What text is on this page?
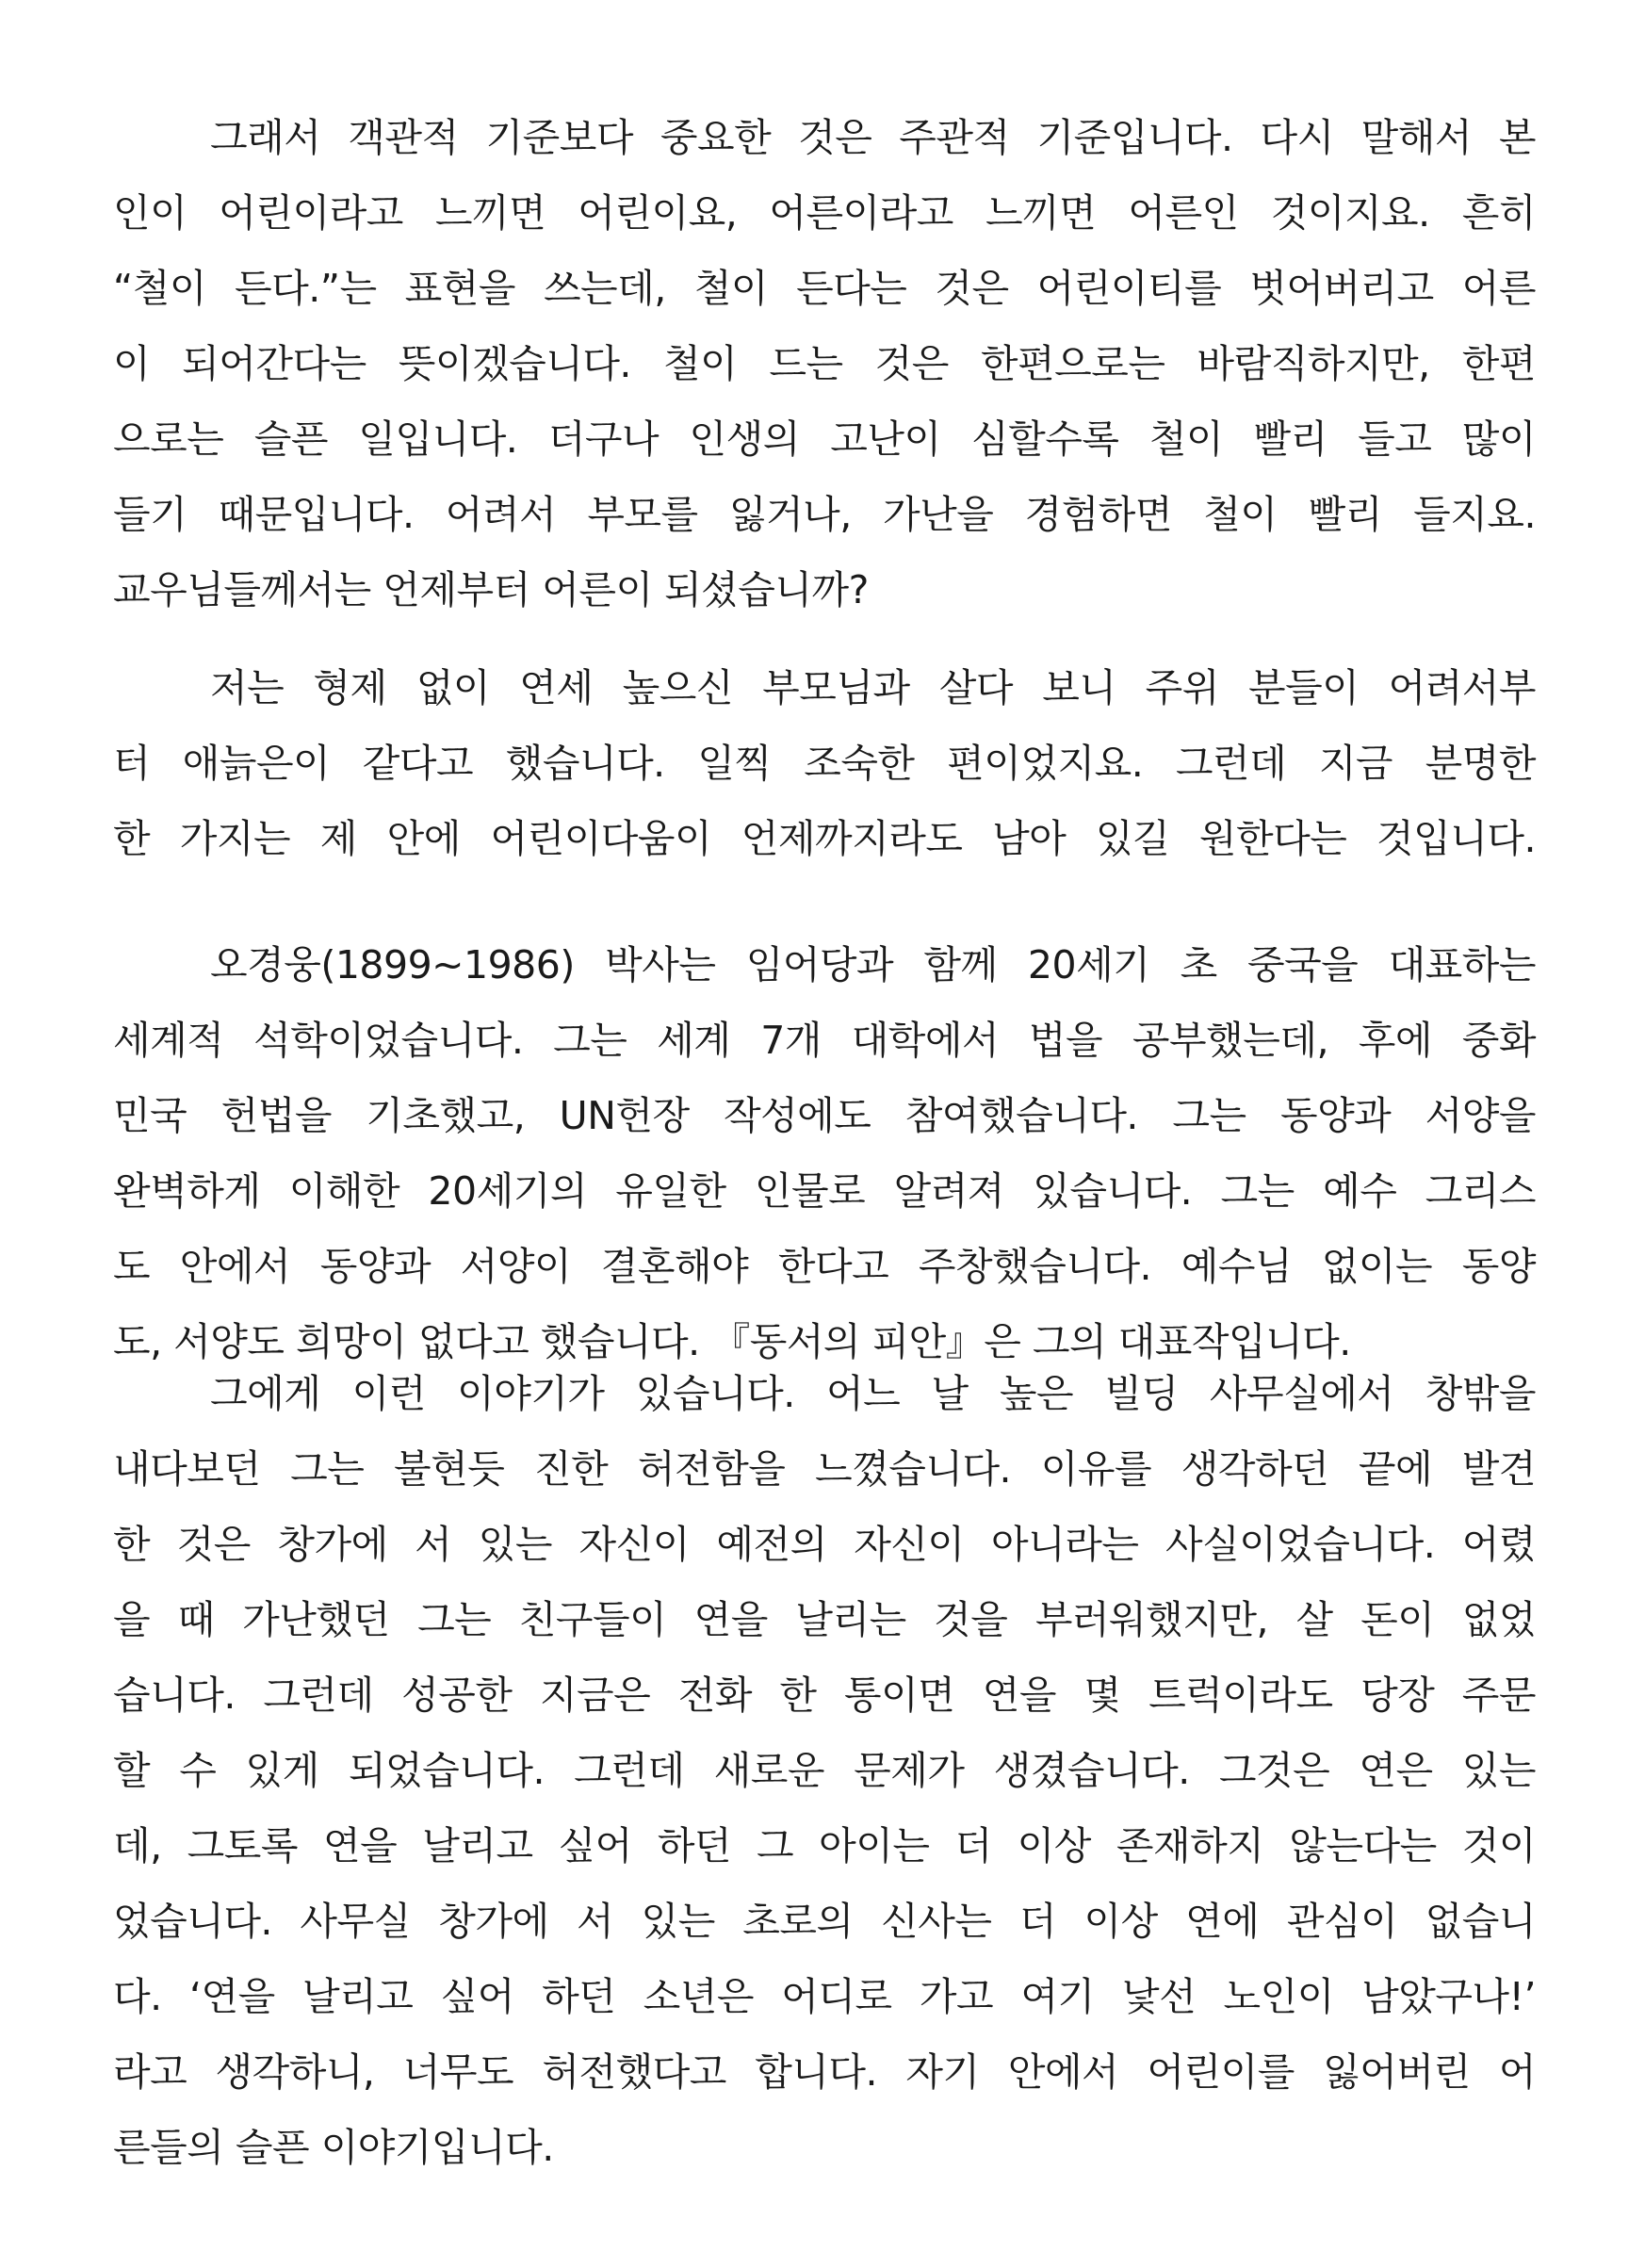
그래서 객관적 기준보다 중요한 것은 주관적 기준입니다. 다시 말해서 본
인이 어린이라고 느끼면 어린이요, 어른이라고 느끼면 어른인 것이지요. 흔히
“철이 든다.”는 표현을 쓰는데, 철이 든다는 것은 어린이티를 벗어버리고 어른
이 되어간다는 뜻이겠습니다. 철이 드는 것은 한편으로는 바람직하지만, 한편
으로는 슬픈 일입니다. 더구나 인생의 고난이 심할수록 철이 빨리 들고 많이
들기 때문입니다. 어려서 부모를 잃거나, 가난을 경험하면 철이 빨리 들지요.
교우님들께서는 언제부터 어른이 되셨습니까?
저는 형제 없이 연세 높으신 부모님과 살다 보니 주위 분들이 어려서부
터 애늙은이 같다고 했습니다. 일찍 조숙한 편이었지요. 그런데 지금 분명한
한 가지는 제 안에 어린이다움이 언제까지라도 남아 있길 원한다는 것입니다.
오경웅(1899~1986) 박사는 임어당과 함께 20세기 초 중국을 대표하는
세계적 석학이었습니다. 그는 세계 7개 대학에서 법을 공부했는데, 후에 중화
민국 헌법을 기초했고, UN헌장 작성에도 참여했습니다. 그는 동양과 서양을
완벽하게 이해한 20세기의 유일한 인물로 알려져 있습니다. 그는 예수 그리스
도 안에서 동양과 서양이 결혼해야 한다고 주창했습니다. 예수님 없이는 동양
도, 서양도 희망이 없다고 했습니다. 『동서의 피안』은 그의 대표작입니다.
그에게 이런 이야기가 있습니다. 어느 날 높은 빌딩 사무실에서 창밖을
내다보던 그는 불현듯 진한 허전함을 느꼈습니다. 이유를 생각하던 끝에 발견
한 것은 창가에 서 있는 자신이 예전의 자신이 아니라는 사실이었습니다. 어렸
을 때 가난했던 그는 친구들이 연을 날리는 것을 부러워했지만, 살 돈이 없었
습니다. 그런데 성공한 지금은 전화 한 통이면 연을 몇 트럭이라도 당장 주문
할 수 있게 되었습니다. 그런데 새로운 문제가 생겼습니다. 그것은 연은 있는
데, 그토록 연을 날리고 싶어 하던 그 아이는 더 이상 존재하지 않는다는 것이
었습니다. 사무실 창가에 서 있는 초로의 신사는 더 이상 연에 관심이 없습니
다. ‘연을 날리고 싶어 하던 소년은 어디로 가고 여기 낯선 노인이 남았구나!’
라고 생각하니, 너무도 허전했다고 합니다. 자기 안에서 어린이를 잃어버린 어
른들의 슬픈 이야기입니다.
